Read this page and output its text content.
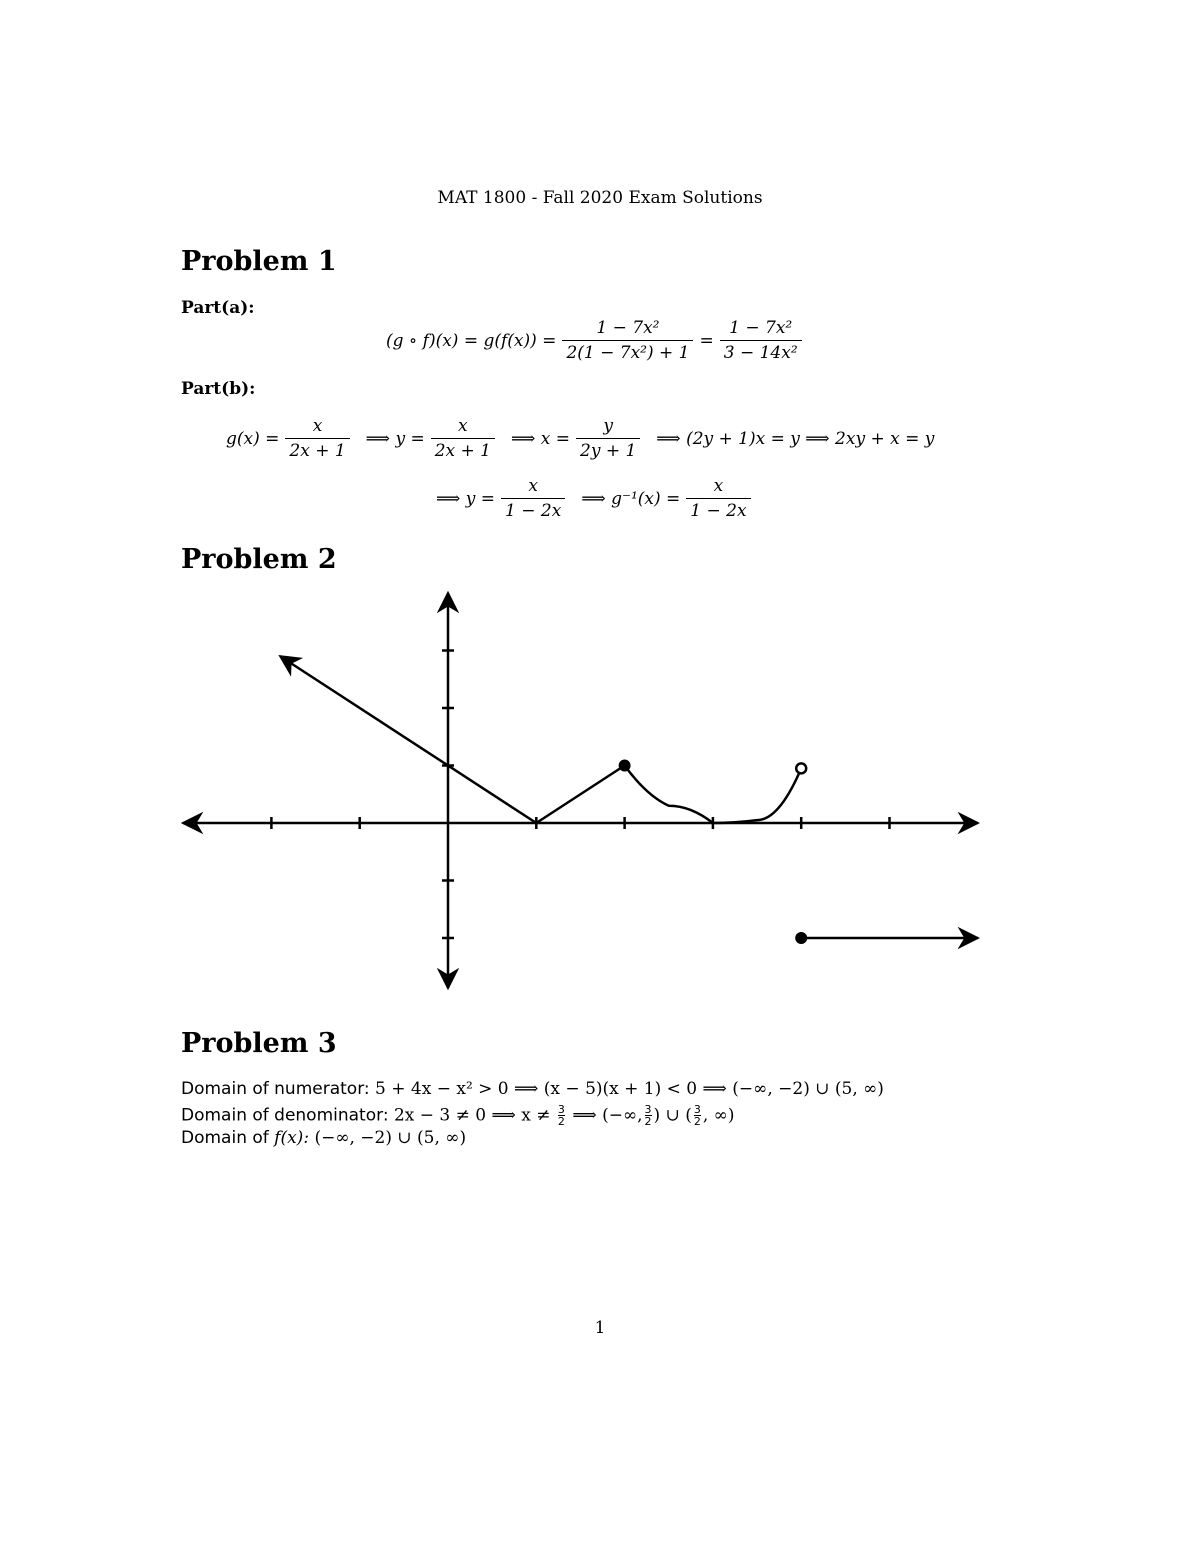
MAT 1800 - Fall 2020 Exam Solutions
Problem 1
Part(a):
(g ∘ $f)(x) = g(f(x)) = \frac{\text{1 − 7x²}}{\text{2(1 − 7x²) + 1}} = \frac{\text{1 − 7x²}}{\text{3 − 14x²}}$
Part(b):
$g(x) = \frac{x}{2x + 1}$ ⟹ $y = \frac{x}{2x + 1}$ ⟹ $x = \frac{y}{2y + 1}$ ⟹ (2y + 1)x = y ⟹ 2xy + x = y
⟹ $y = \frac{x}{1 - 2x}$ ⟹ $g^{-1}(x) = \frac{x}{1 - 2x}$
Problem 2
Problem 3
Domain of numerator: 5 + 4x − x² > 0 ⟹ (x − 5)(x + 1) < 0 ⟹ (−∞, −2) ∪ (5, ∞)
Domain of denominator: 2x − 3 ≠ 0 ⟹ $x \ne \frac{3}{2}$ ⟹ (−∞, $\frac{3}{2}$ ) ∪ ( $\frac{3}{2}$ , ∞)
Domain of f(x): (−∞, −2) ∪ (5, ∞)
1
